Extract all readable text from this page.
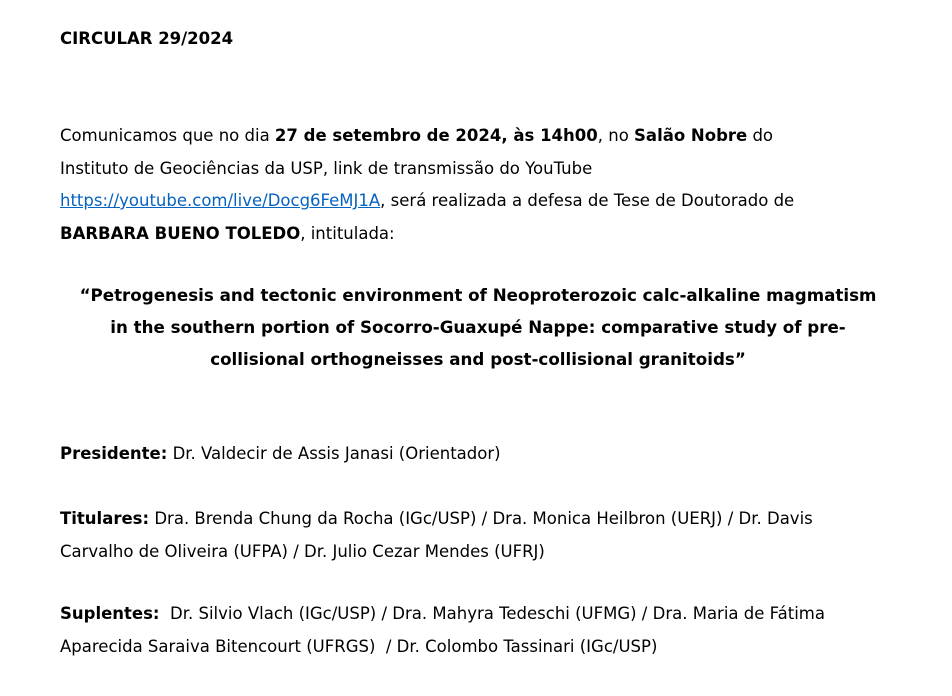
CIRCULAR 29/2024
Comunicamos que no dia 27 de setembro de 2024, às 14h00, no Salão Nobre do
Instituto de Geociências da USP, link de transmissão do YouTube
https://youtube.com/live/Docg6FeMJ1A, será realizada a defesa de Tese de Doutorado de
BARBARA BUENO TOLEDO, intitulada:
“Petrogenesis and tectonic environment of Neoproterozoic calc-alkaline magmatism
in the southern portion of Socorro-Guaxupé Nappe: comparative study of pre-
collisional orthogneisses and post-collisional granitoids”
Presidente: Dr. Valdecir de Assis Janasi (Orientador)
Titulares: Dra. Brenda Chung da Rocha (IGc/USP) / Dra. Monica Heilbron (UERJ) / Dr. Davis
Carvalho de Oliveira (UFPA) / Dr. Julio Cezar Mendes (UFRJ)
Suplentes:  Dr. Silvio Vlach (IGc/USP) / Dra. Mahyra Tedeschi (UFMG) / Dra. Maria de Fátima
Aparecida Saraiva Bitencourt (UFRGS)  / Dr. Colombo Tassinari (IGc/USP)
